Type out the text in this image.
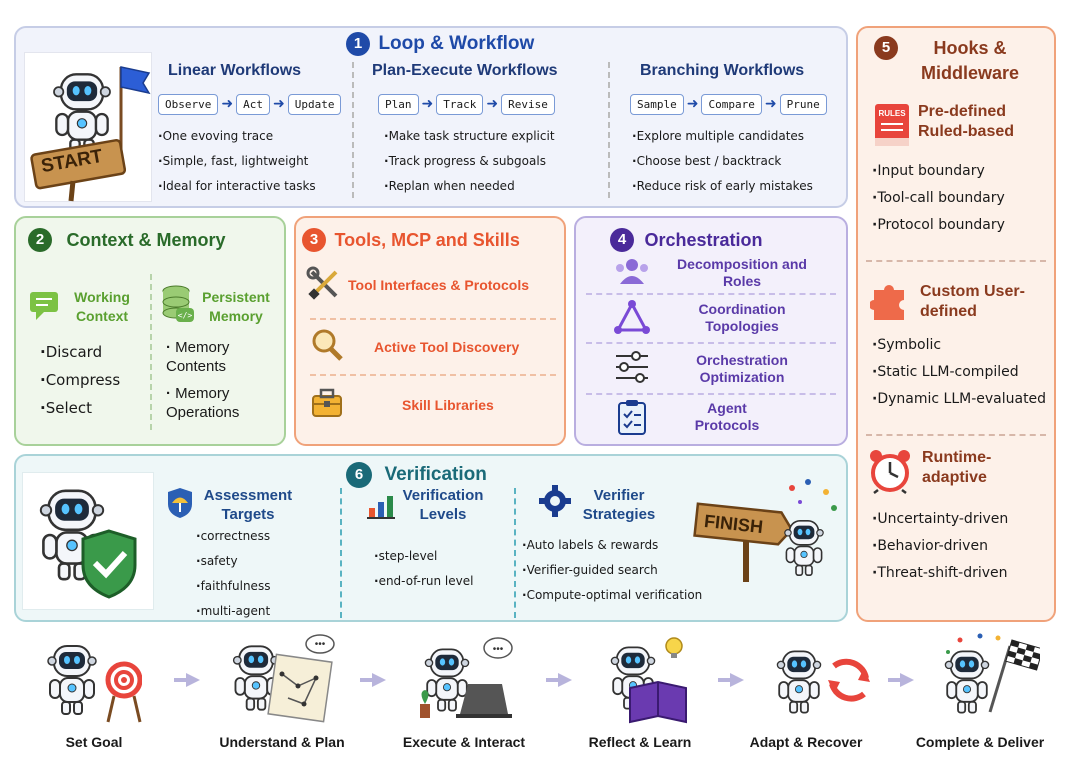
1 Loop & Workflow
START
Linear Workflows
Observe ➜ Act ➜ Update
· One evoving trace
· Simple, fast, lightweight
· Ideal for interactive tasks
Plan-Execute Workflows
Plan ➜ Track ➜ Revise
· Make task structure explicit
· Track progress & subgoals
· Replan when needed
Branching Workflows
Sample ➜ Compare ➜ Prune
· Explore multiple candidates
· Choose best / backtrack
· Reduce risk of early mistakes
2 Context & Memory
Working Context
· Discard
· Compress
· Select
</>
Persistent Memory
· Memory Contents
· Memory Operations
3 Tools, MCP and Skills
Tool Interfaces & Protocols
Active Tool Discovery
Skill Libraries
4 Orchestration
Decomposition and Roles
Coordination Topologies
Orchestration Optimization
Agent Protocols
5	Hooks & Middleware
RULES Pre-defined Ruled-based
· Input boundary
· Tool-call boundary
· Protocol boundary
Custom User-defined
· Symbolic
· Static LLM-compiled
· Dynamic LLM-evaluated
Runtime-adaptive
· Uncertainty-driven
· Behavior-driven
· Threat-shift-driven
6 Verification
Assessment Targets
· correctness
· safety
· faithfulness
· multi-agent
Verification Levels
· step-level
· end-of-run level
Verifier Strategies
· Auto labels & rewards
· Verifier-guided search
· Compute-optimal verification
FINISH
•••	•••
Set Goal	Understand & Plan	Execute & Interact	Reflect & Learn	Adapt & Recover	Complete & Deliver
